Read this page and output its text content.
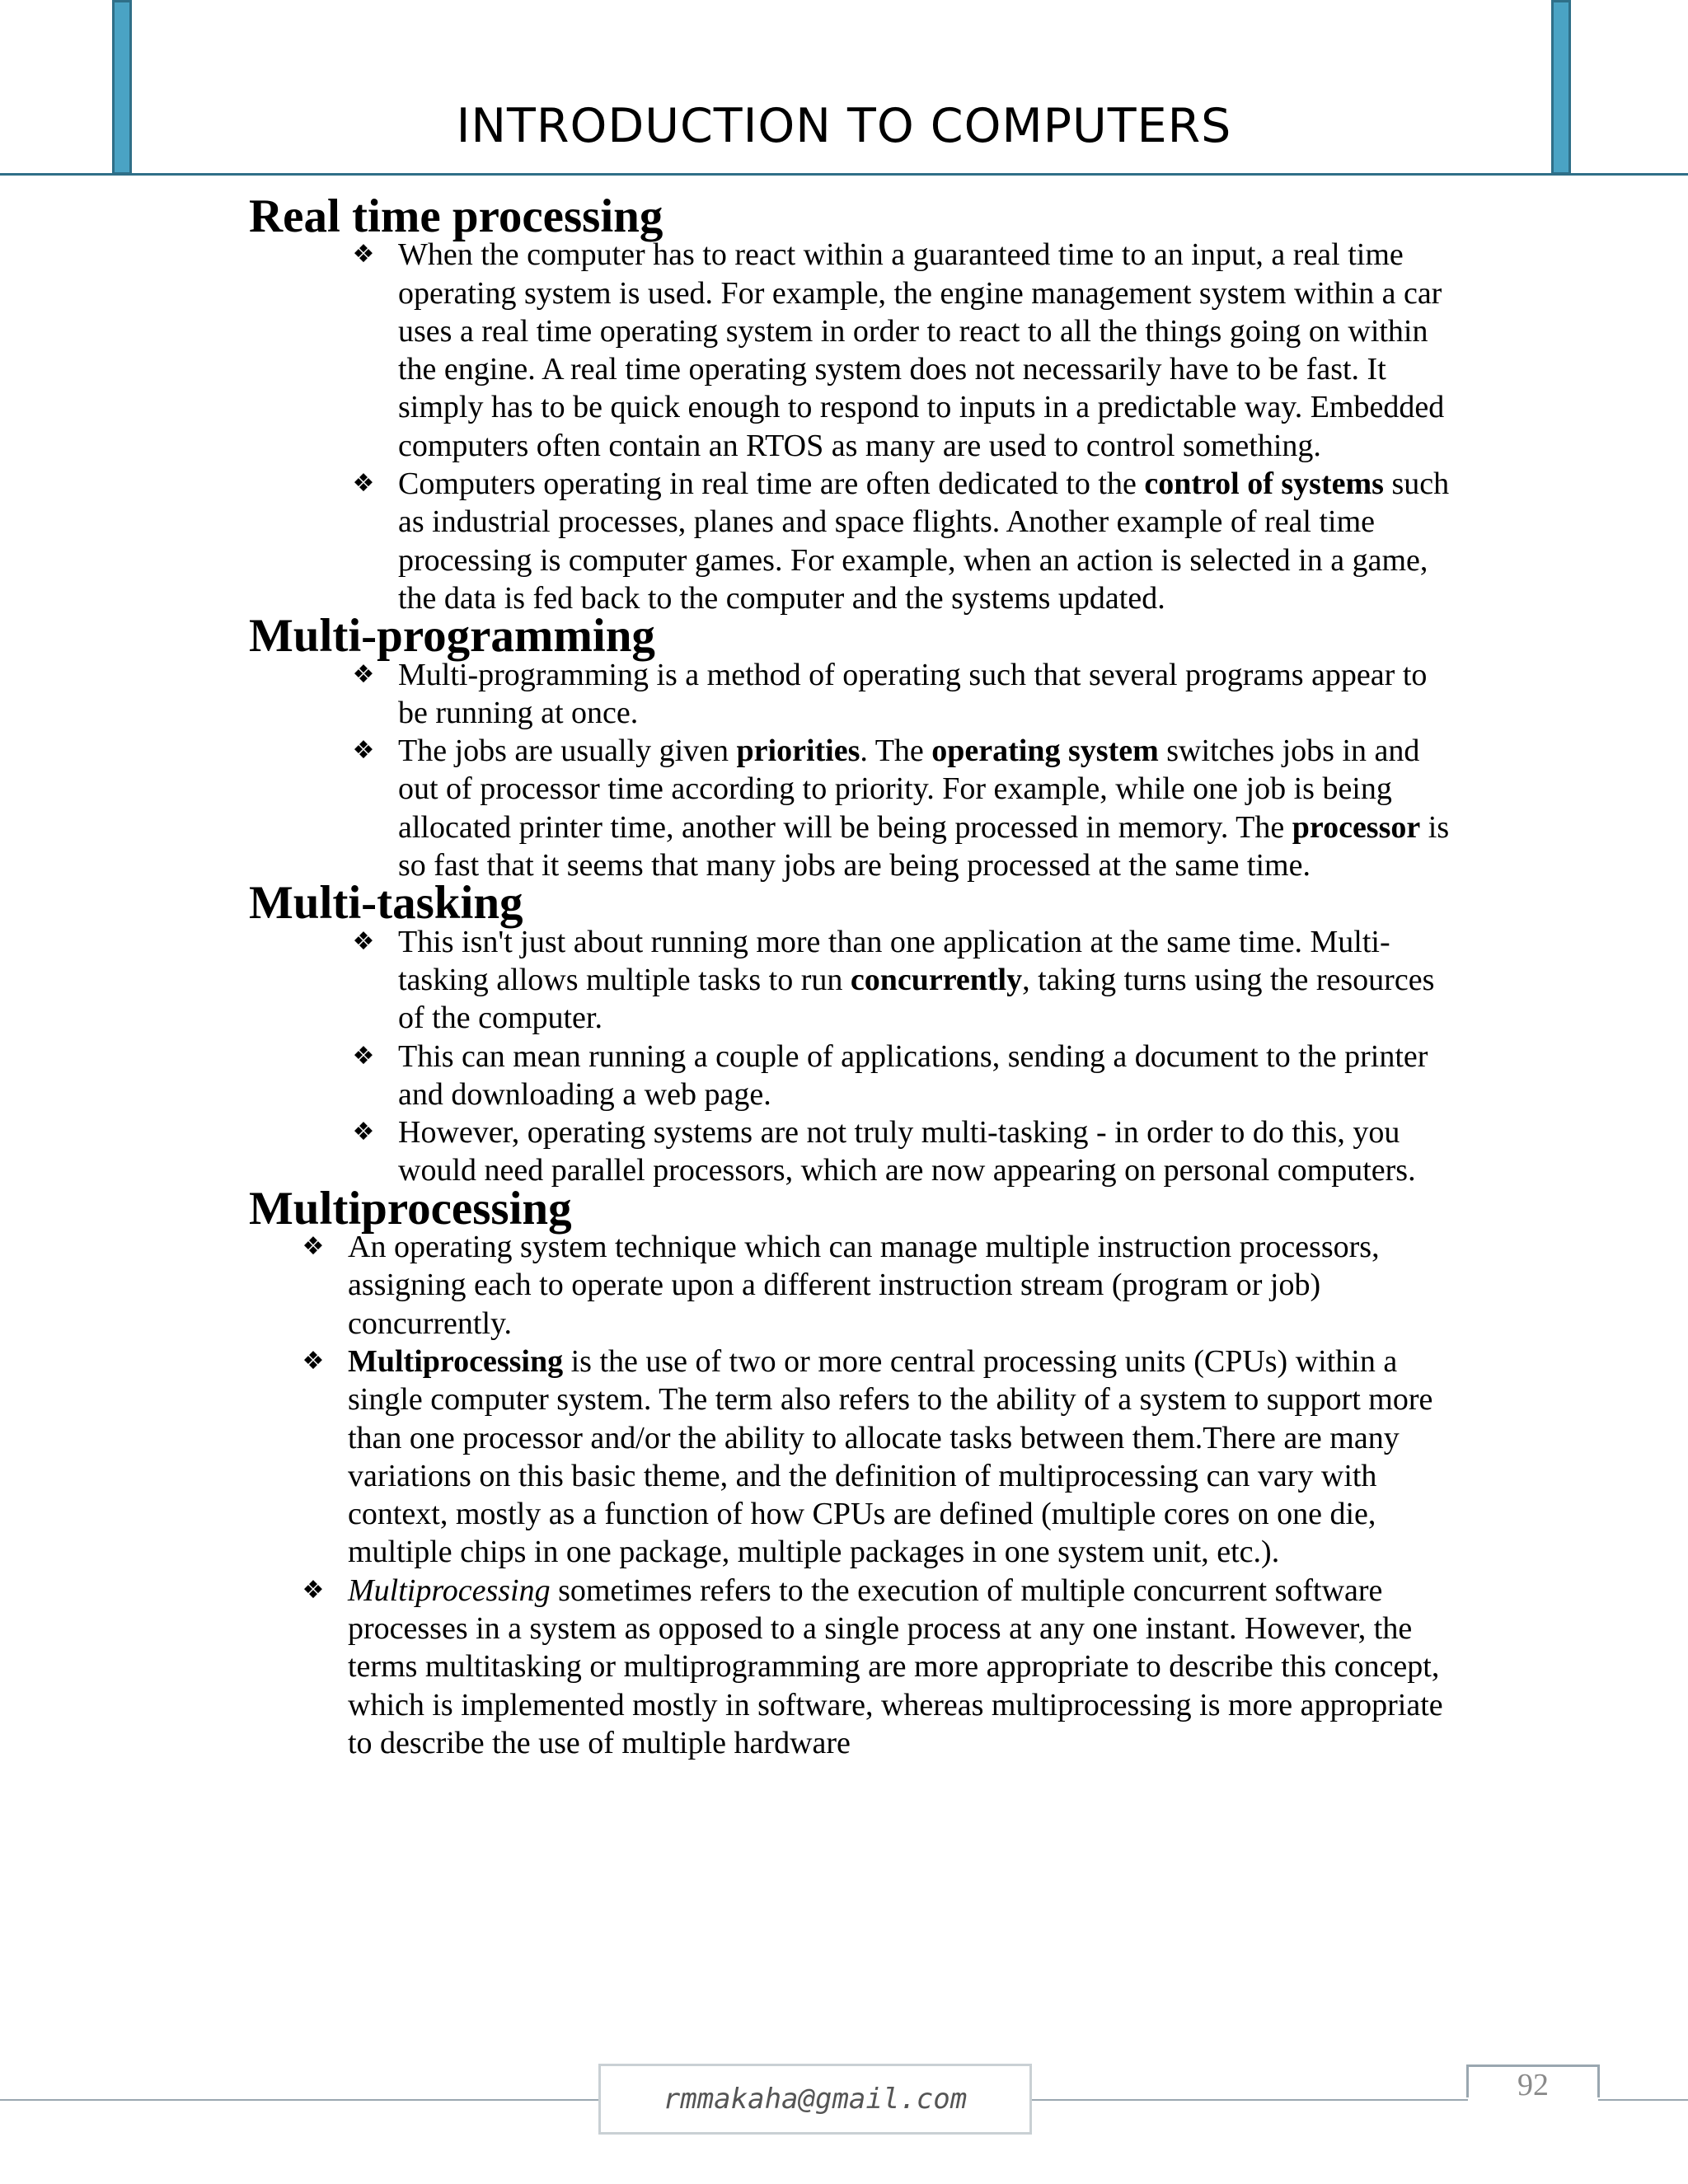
INTRODUCTION TO COMPUTERS
Real time processing
❖ When the computer has to react within a guaranteed time to an input, a real time operating system is used. For example, the engine management system within a car uses a real time operating system in order to react to all the things going on within the engine. A real time operating system does not necessarily have to be fast. It simply has to be quick enough to respond to inputs in a predictable way. Embedded computers often contain an RTOS as many are used to control something.
❖ Computers operating in real time are often dedicated to the control of systems such as industrial processes, planes and space flights. Another example of real time processing is computer games. For example, when an action is selected in a game, the data is fed back to the computer and the systems updated.
Multi-programming
❖ Multi-programming is a method of operating such that several programs appear to be running at once.
❖ The jobs are usually given priorities. The operating system switches jobs in and out of processor time according to priority. For example, while one job is being allocated printer time, another will be being processed in memory. The processor is so fast that it seems that many jobs are being processed at the same time.
Multi-tasking
❖ This isn't just about running more than one application at the same time. Multi-tasking allows multiple tasks to run concurrently, taking turns using the resources of the computer.
❖ This can mean running a couple of applications, sending a document to the printer and downloading a web page.
❖ However, operating systems are not truly multi-tasking - in order to do this, you would need parallel processors, which are now appearing on personal computers.
Multiprocessing
❖ An operating system technique which can manage multiple instruction processors, assigning each to operate upon a different instruction stream (program or job) concurrently.
❖ Multiprocessing is the use of two or more central processing units (CPUs) within a single computer system. The term also refers to the ability of a system to support more than one processor and/or the ability to allocate tasks between them.There are many variations on this basic theme, and the definition of multiprocessing can vary with context, mostly as a function of how CPUs are defined (multiple cores on one die, multiple chips in one package, multiple packages in one system unit, etc.).
❖ Multiprocessing sometimes refers to the execution of multiple concurrent software processes in a system as opposed to a single process at any one instant. However, the terms multitasking or multiprogramming are more appropriate to describe this concept, which is implemented mostly in software, whereas multiprocessing is more appropriate to describe the use of multiple hardware
92
rmmakaha@gmail.com
